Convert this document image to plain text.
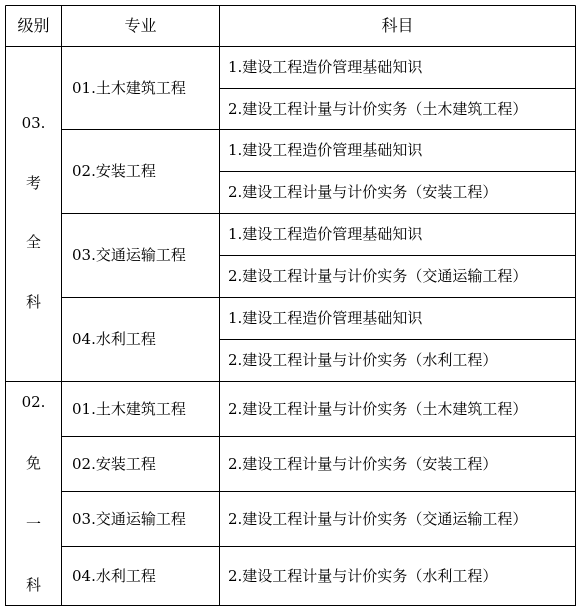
级别	专业	科目
03.
考
全
科
01.土木建筑工程
02.安装工程
03.交通运输工程
04.水利工程
1.建设工程造价管理基础知识
2.建设工程计量与计价实务（土木建筑工程）
1.建设工程造价管理基础知识
2.建设工程计量与计价实务（安装工程）
1.建设工程造价管理基础知识
2.建设工程计量与计价实务（交通运输工程）
1.建设工程造价管理基础知识
2.建设工程计量与计价实务（水利工程）
02.
免
一
科
01.土木建筑工程
02.安装工程
03.交通运输工程
04.水利工程
2.建设工程计量与计价实务（土木建筑工程）
2.建设工程计量与计价实务（安装工程）
2.建设工程计量与计价实务（交通运输工程）
2.建设工程计量与计价实务（水利工程）
